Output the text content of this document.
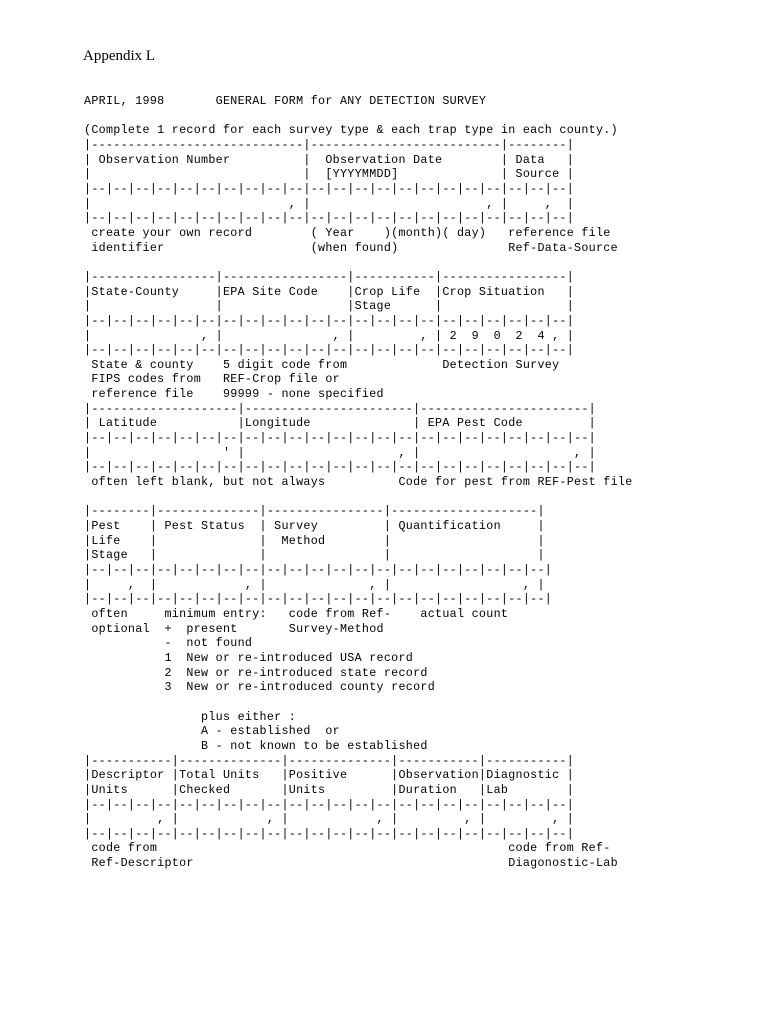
Appendix L
APRIL, 1998       GENERAL FORM for ANY DETECTION SURVEY

(Complete 1 record for each survey type & each trap type in each county.)
|-----------------------------|--------------------------|--------|
| Observation Number          |  Observation Date        | Data   |
|                             |  [YYYYMMDD]              | Source |
|--|--|--|--|--|--|--|--|--|--|--|--|--|--|--|--|--|--|--|--|--|--|
|                           , |                        , |     ,  |
|--|--|--|--|--|--|--|--|--|--|--|--|--|--|--|--|--|--|--|--|--|--|
create your own record        ( Year    )(month)( day)   reference file
identifier                    (when found)               Ref-Data-Source

|-----------------|-----------------|-----------|-----------------|
|State-County     |EPA Site Code    |Crop Life  |Crop Situation   |
|                 |                 |Stage      |                 |
|--|--|--|--|--|--|--|--|--|--|--|--|--|--|--|--|--|--|--|--|--|--|
|               , |               , |         , | 2  9  0  2  4 , |
|--|--|--|--|--|--|--|--|--|--|--|--|--|--|--|--|--|--|--|--|--|--|
State & county    5 digit code from             Detection Survey
FIPS codes from   REF-Crop file or
reference file    99999 - none specified
|--------------------|-----------------------|-----------------------|
| Latitude           |Longitude              | EPA Pest Code         |
|--|--|--|--|--|--|--|--|--|--|--|--|--|--|--|--|--|--|--|--|--|--|--|
|                  ' |                     , |                     , |
|--|--|--|--|--|--|--|--|--|--|--|--|--|--|--|--|--|--|--|--|--|--|--|
often left blank, but not always          Code for pest from REF-Pest file

|--------|--------------|----------------|--------------------|
|Pest    | Pest Status  | Survey         | Quantification     |
|Life    |              |  Method        |                    |
|Stage   |              |                |                    |
|--|--|--|--|--|--|--|--|--|--|--|--|--|--|--|--|--|--|--|--|--|
|     ,  |            , |              , |                  , |
|--|--|--|--|--|--|--|--|--|--|--|--|--|--|--|--|--|--|--|--|--|
often     minimum entry:   code from Ref-    actual count
optional  +  present       Survey-Method
-  not found
1  New or re-introduced USA record
2  New or re-introduced state record
3  New or re-introduced county record

plus either :
A - established  or
B - not known to be established
|-----------|--------------|--------------|-----------|-----------|
|Descriptor |Total Units   |Positive      |Observation|Diagnostic |
|Units      |Checked       |Units         |Duration   |Lab        |
|--|--|--|--|--|--|--|--|--|--|--|--|--|--|--|--|--|--|--|--|--|--|
|         , |            , |            , |         , |         , |
|--|--|--|--|--|--|--|--|--|--|--|--|--|--|--|--|--|--|--|--|--|--|
code from                                                code from Ref-
Ref-Descriptor                                           Diagonostic-Lab
